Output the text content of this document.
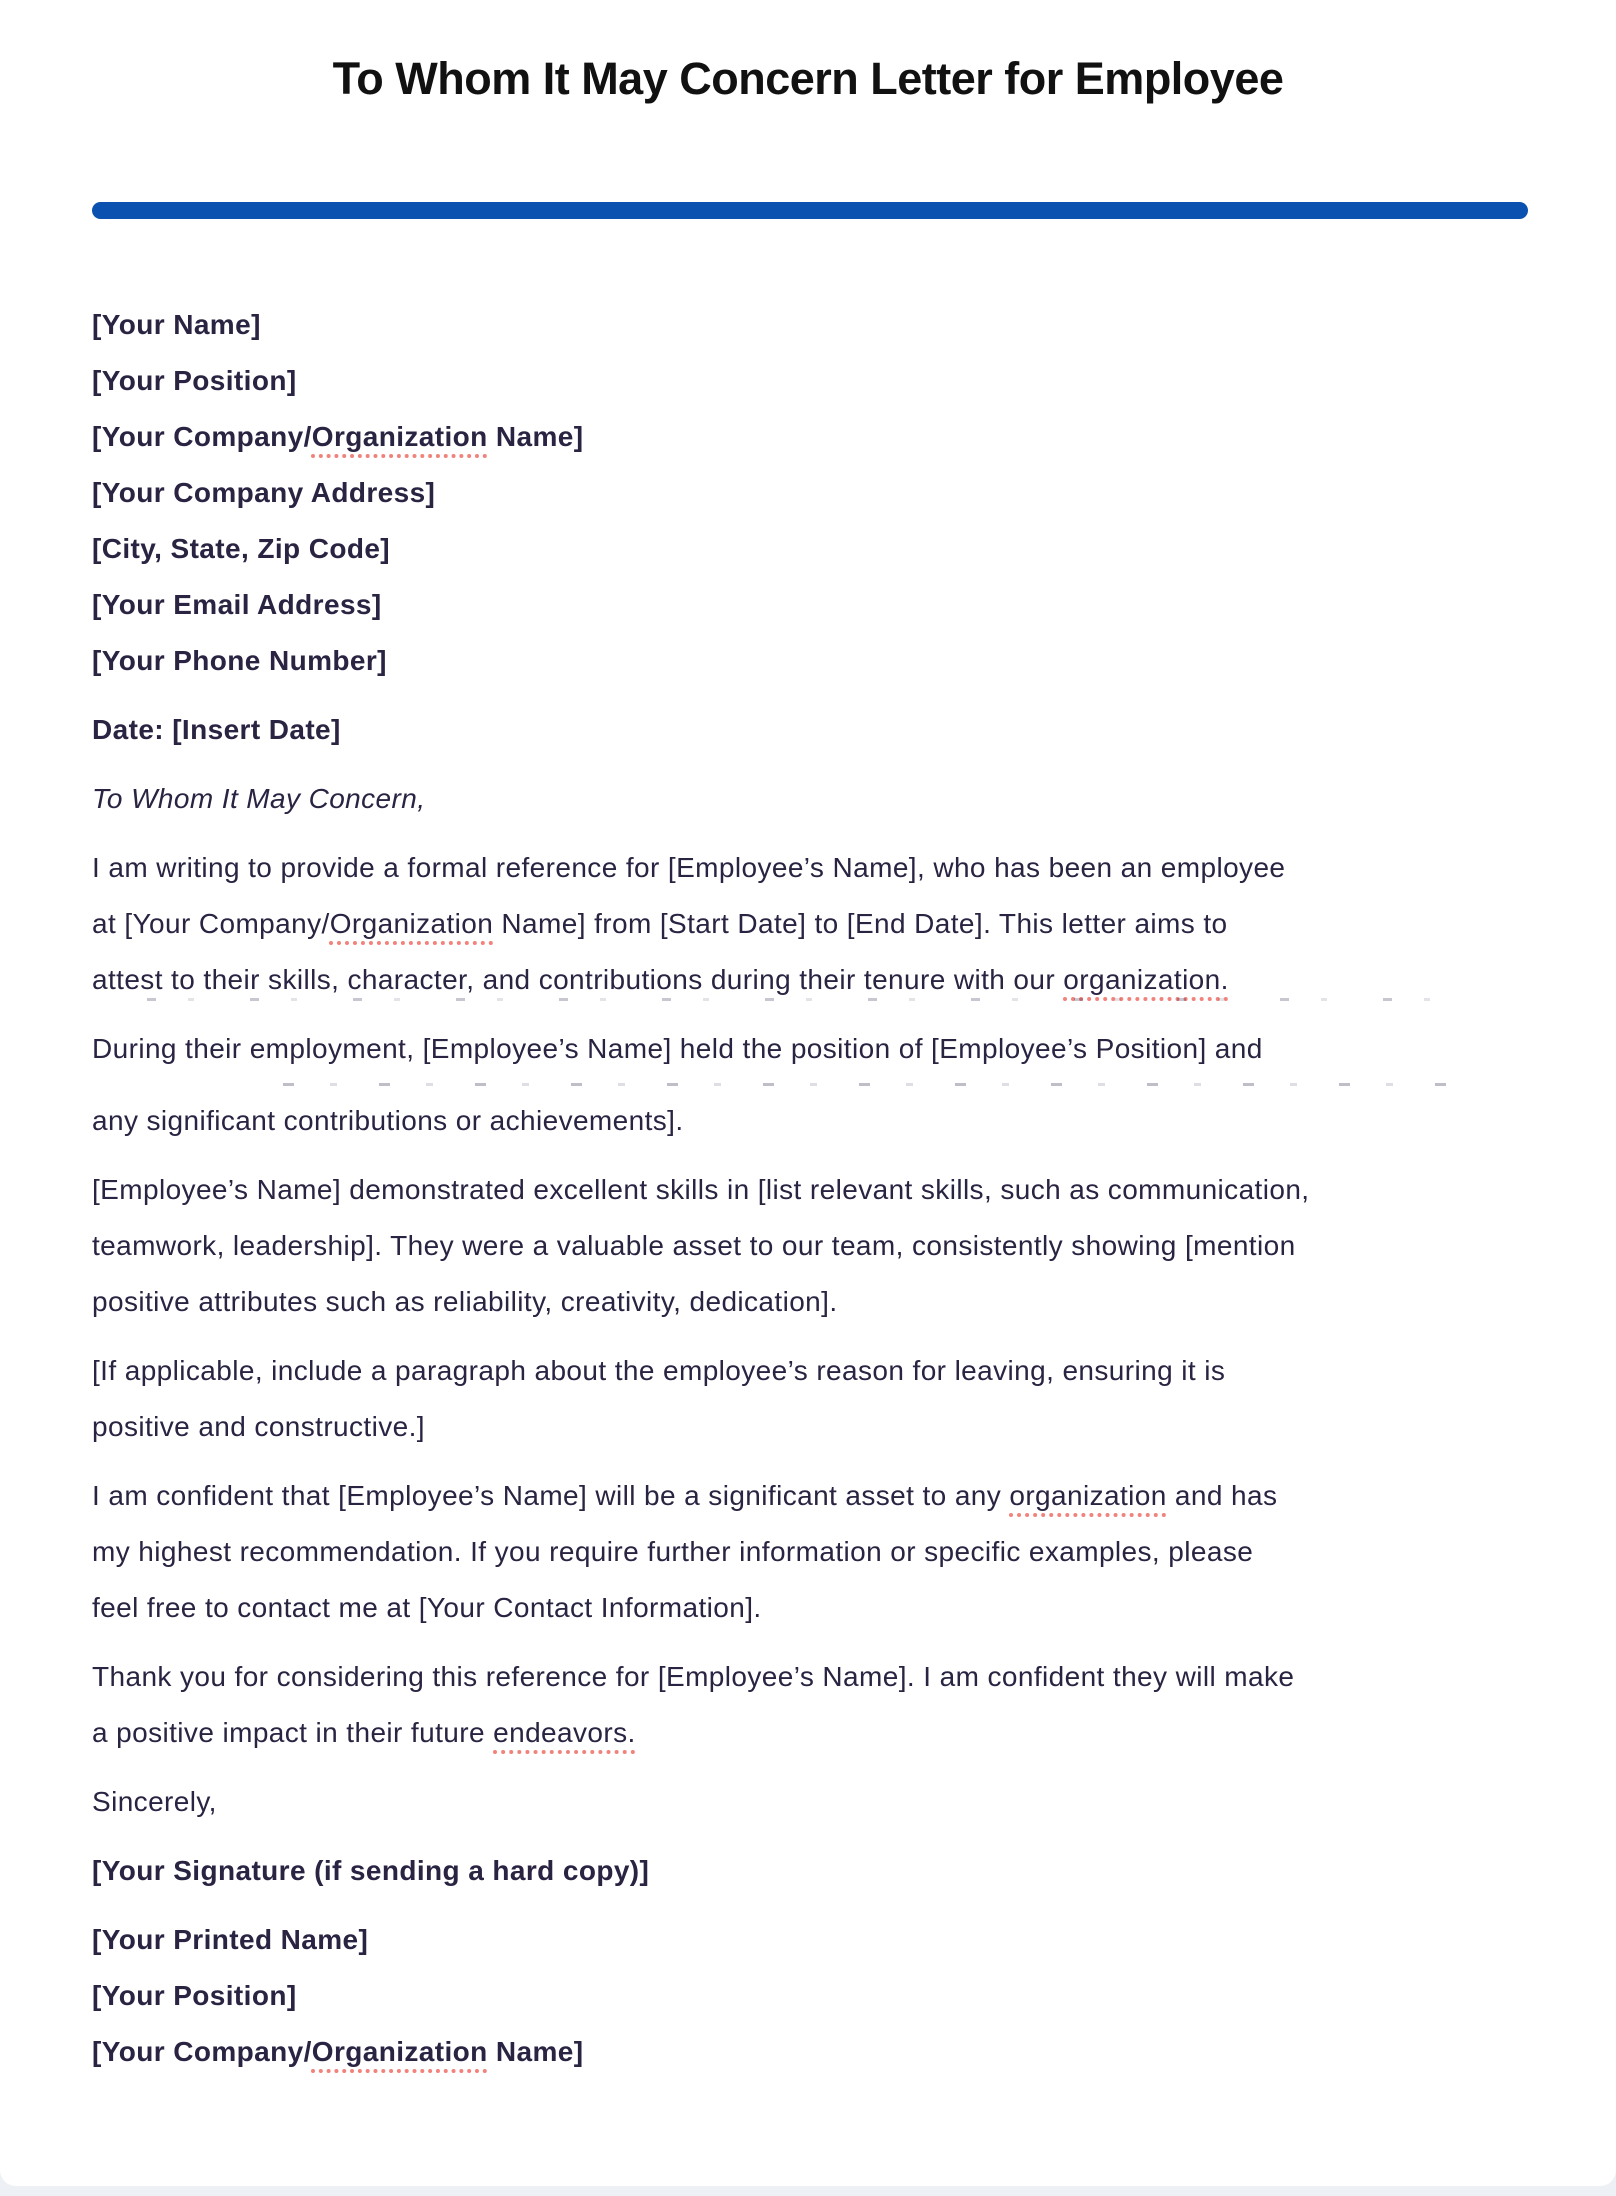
To Whom It May Concern Letter for Employee
[Your Name]
[Your Position]
[Your Company/Organization Name]
[Your Company Address]
[City, State, Zip Code]
[Your Email Address]
[Your Phone Number]
Date: [Insert Date]
To Whom It May Concern,
I am writing to provide a formal reference for [Employee’s Name], who has been an employee
at [Your Company/Organization Name] from [Start Date] to [End Date]. This letter aims to
attest to their skills, character, and contributions during their tenure with our organization.
During their employment, [Employee’s Name] held the position of [Employee’s Position] and
any significant contributions or achievements].
[Employee’s Name] demonstrated excellent skills in [list relevant skills, such as communication,
teamwork, leadership]. They were a valuable asset to our team, consistently showing [mention
positive attributes such as reliability, creativity, dedication].
[If applicable, include a paragraph about the employee’s reason for leaving, ensuring it is
positive and constructive.]
I am confident that [Employee’s Name] will be a significant asset to any organization and has
my highest recommendation. If you require further information or specific examples, please
feel free to contact me at [Your Contact Information].
Thank you for considering this reference for [Employee’s Name]. I am confident they will make
a positive impact in their future endeavors.
Sincerely,
[Your Signature (if sending a hard copy)]
[Your Printed Name]
[Your Position]
[Your Company/Organization Name]
